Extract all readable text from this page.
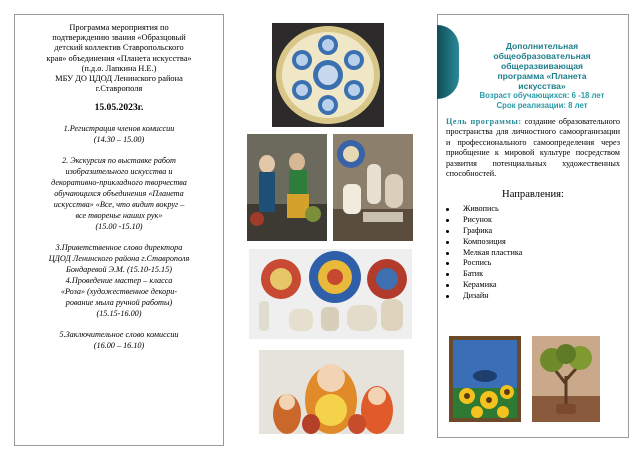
Программа мероприятия по
подтверждению звания «Образцовый
детский коллектив Ставропольского
края» объединения «Планета искусства»
(п.д.о. Лапкина Н.Е.)
МБУ ДО ЦДОД Ленинского района
г.Ставрополя
15.05.2023г.
1.Регистрация членов комиссии
(14.30 – 15.00)
2. Экскурсия по выставке работ
изобразительного искусства и
декоративно-прикладного творчества
обучающихся объединения «Планета
искусства» «Все, что видит вокруг –
все творенье наших рук»
(15.00 -15.10)
3.Приветственное слово директора
ЦДОД Ленинского района г.Ставрополя
Бондаревой Э.М. (15.10-15.15)
4.Проведение мастер – класса
«Роза» (художественное декори-
рование мыла ручной работы)
(15.15-16.00)
5.Заключительное слово комиссии
(16.00 – 16.10)
Дополнительная
общеобразовательная
общеразвивающая
программа «Планета
искусства»
Возраст обучающихся: 6 -18 лет
Срок реализации: 8 лет
Цель программы: создание образовательного пространства для личностного самоорганизации и профессионального самоопределения через приобщение к мировой культуре посредством развития потенциальных художественных способностей.
Направления:
Живопись
Рисунок
Графика
Композиция
Мелкая пластика
Роспись
Батик
Керамика
Дизайн
